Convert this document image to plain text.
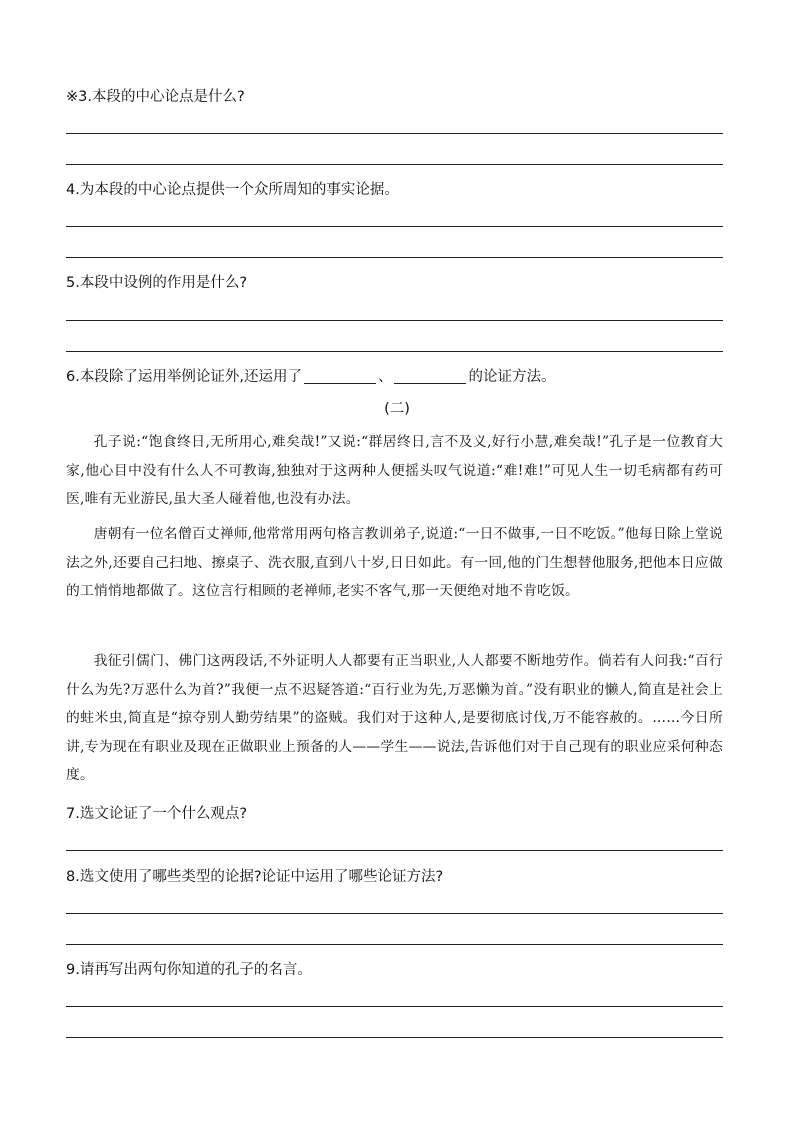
※3.本段的中心论点是什么?
4.为本段的中心论点提供一个众所周知的事实论据。
5.本段中设例的作用是什么?
6.本段除了运用举例论证外,还运用了	、	的论证方法。
(二)
孔子说:“饱食终日,无所用心,难矣哉!”又说:“群居终日,言不及义,好行小慧,难矣哉!”孔子是一位教育大家,他心目中没有什么人不可教诲,独独对于这两种人便摇头叹气说道:“难!难!”可见人生一切毛病都有药可医,唯有无业游民,虽大圣人碰着他,也没有办法。
唐朝有一位名僧百丈禅师,他常常用两句格言教训弟子,说道:“一日不做事,一日不吃饭。”他每日除上堂说法之外,还要自己扫地、擦桌子、洗衣服,直到八十岁,日日如此。有一回,他的门生想替他服务,把他本日应做的工悄悄地都做了。这位言行相顾的老禅师,老实不客气,那一天便绝对地不肯吃饭。
我征引儒门、佛门这两段话,不外证明人人都要有正当职业,人人都要不断地劳作。倘若有人问我:“百行什么为先?万恶什么为首?”我便一点不迟疑答道:“百行业为先,万恶懒为首。”没有职业的懒人,简直是社会上的蛀米虫,简直是“掠夺别人勤劳结果”的盗贼。我们对于这种人,是要彻底讨伐,万不能容赦的。……今日所讲,专为现在有职业及现在正做职业上预备的人——学生——说法,告诉他们对于自己现有的职业应采何种态度。
7.选文论证了一个什么观点?
8.选文使用了哪些类型的论据?论证中运用了哪些论证方法?
9.请再写出两句你知道的孔子的名言。
